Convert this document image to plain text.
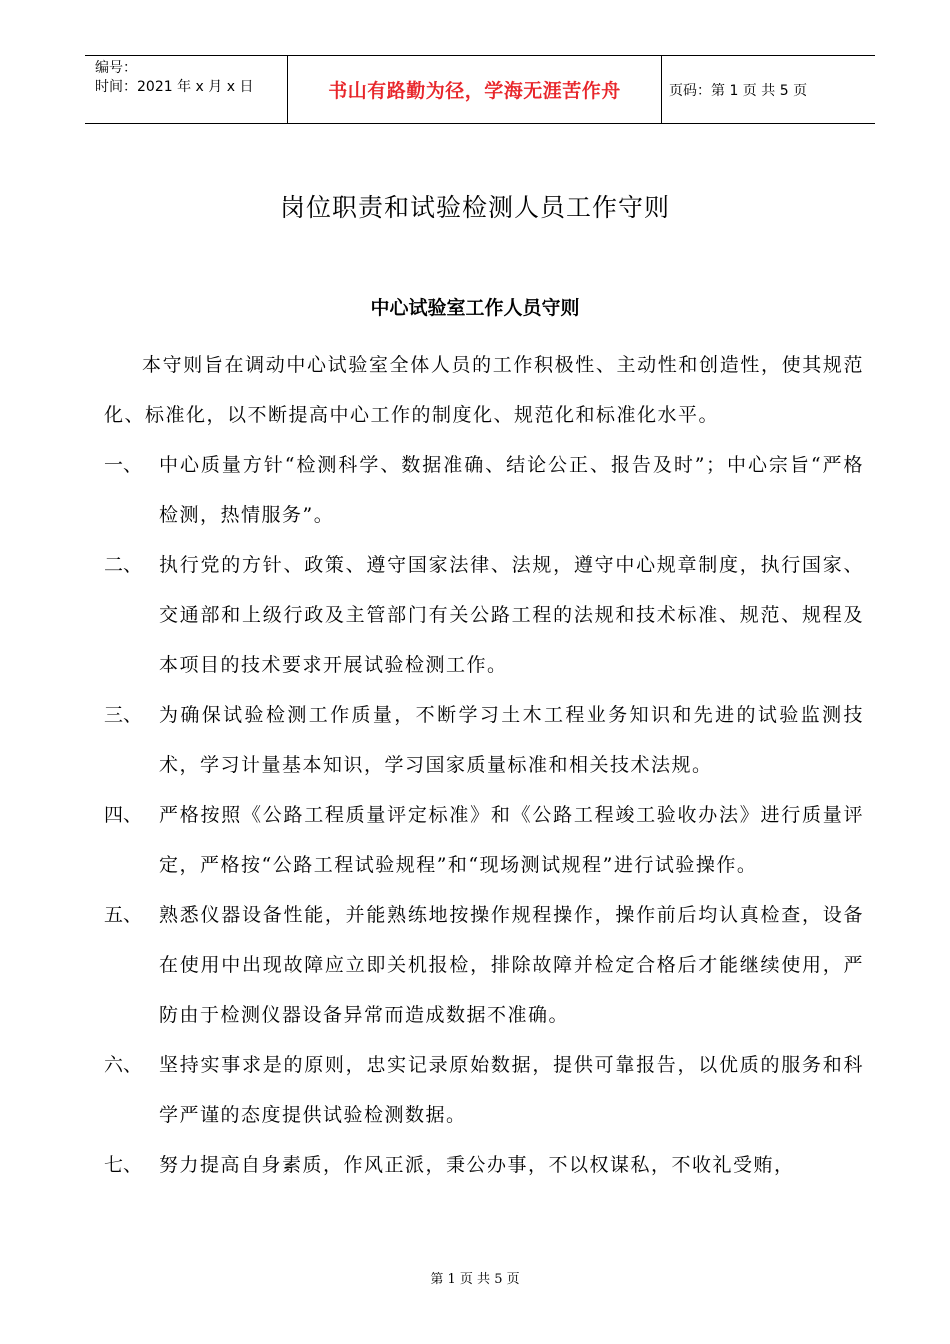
编号：
时间：2021 年 x 月 x 日	书山有路勤为径，学海无涯苦作舟	页码：第 1 页 共 5 页
岗位职责和试验检测人员工作守则
中心试验室工作人员守则

本守则旨在调动中心试验室全体人员的工作积极性、主动性和创造性，使其规范化、标准化，以不断提高中心工作的制度化、规范化和标准化水平。

一、 中心质量方针“检测科学、数据准确、结论公正、报告及时”；中心宗旨“严格检测，热情服务”。
二、 执行党的方针、政策、遵守国家法律、法规，遵守中心规章制度，执行国家、交通部和上级行政及主管部门有关公路工程的法规和技术标准、规范、规程及本项目的技术要求开展试验检测工作。
三、 为确保试验检测工作质量，不断学习土木工程业务知识和先进的试验监测技术，学习计量基本知识，学习国家质量标准和相关技术法规。
四、 严格按照《公路工程质量评定标准》和《公路工程竣工验收办法》进行质量评定，严格按“公路工程试验规程”和“现场测试规程”进行试验操作。
五、 熟悉仪器设备性能，并能熟练地按操作规程操作，操作前后均认真检查，设备在使用中出现故障应立即关机报检，排除故障并检定合格后才能继续使用，严防由于检测仪器设备异常而造成数据不准确。
六、 坚持实事求是的原则，忠实记录原始数据，提供可靠报告，以优质的服务和科学严谨的态度提供试验检测数据。
七、 努力提高自身素质，作风正派，秉公办事，不以权谋私，不收礼受贿，
第 1 页 共 5 页
